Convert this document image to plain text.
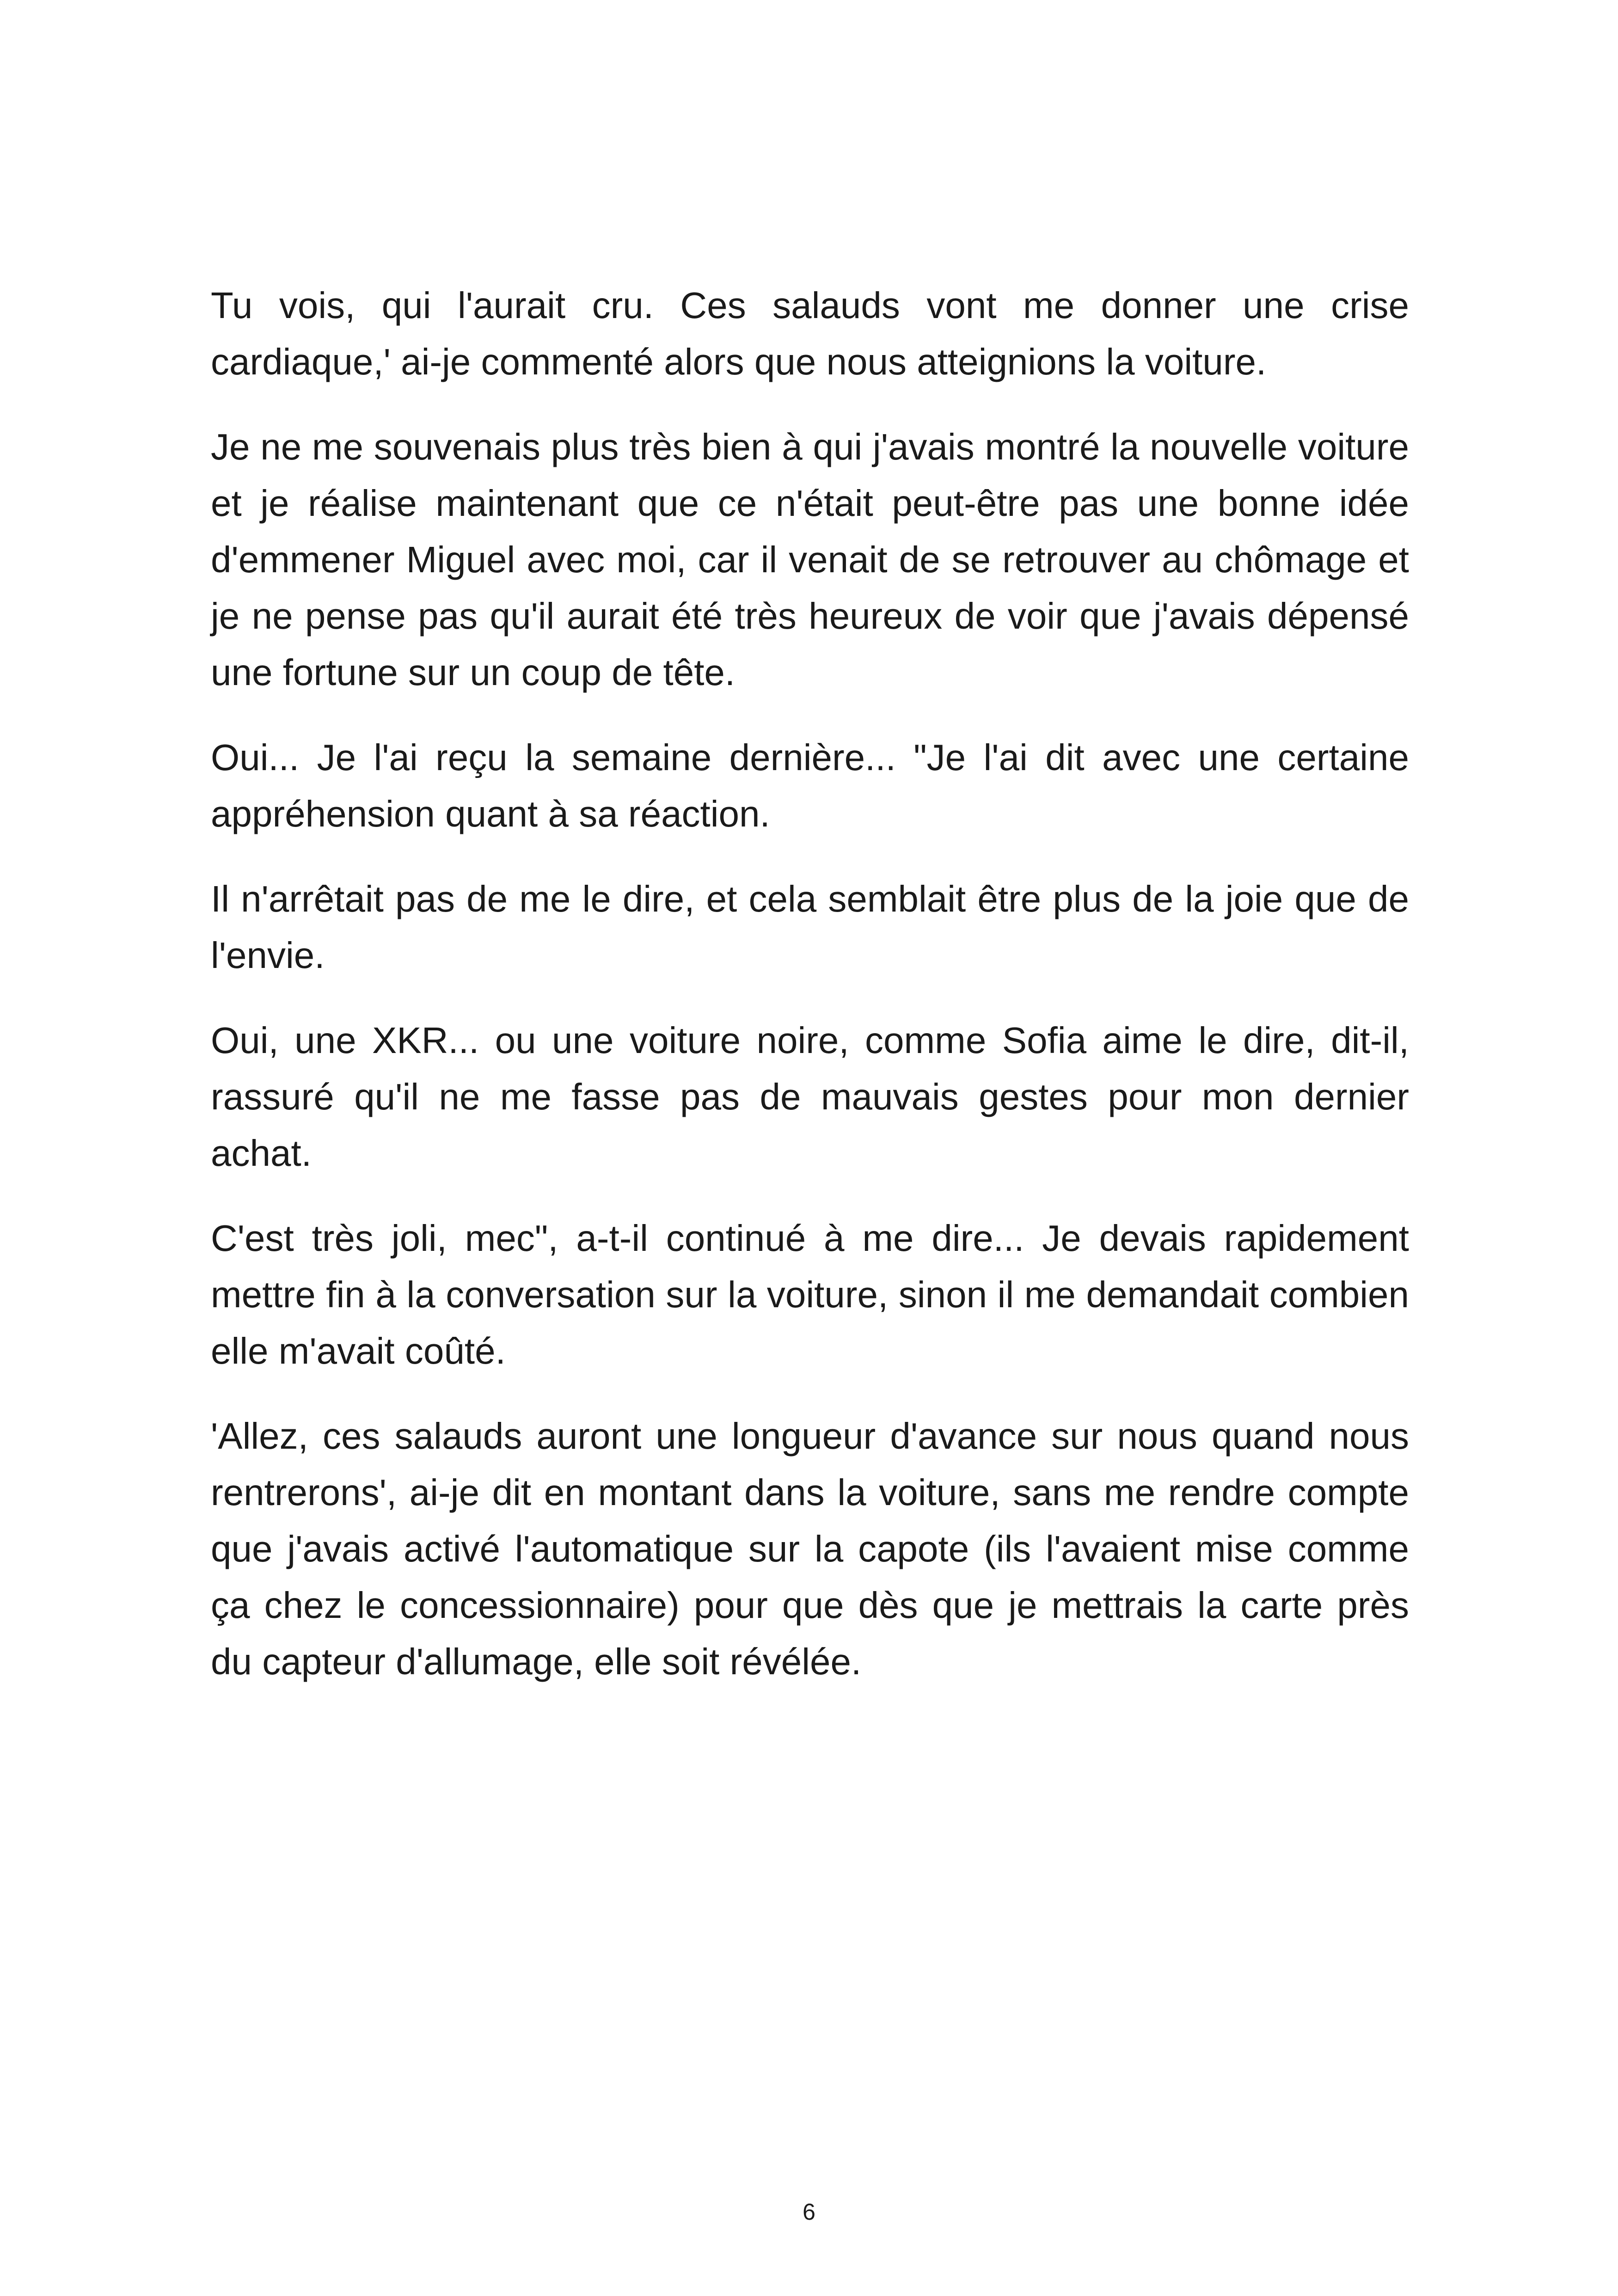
Tu vois, qui l'aurait cru. Ces salauds vont me donner une crise cardiaque,' ai-je commenté alors que nous atteignions la voiture.

Je ne me souvenais plus très bien à qui j'avais montré la nouvelle voiture et je réalise maintenant que ce n'était peut-être pas une bonne idée d'emmener Miguel avec moi, car il venait de se retrouver au chômage et je ne pense pas qu'il aurait été très heureux de voir que j'avais dépensé une fortune sur un coup de tête.

Oui... Je l'ai reçu la semaine dernière... "Je l'ai dit avec une certaine appréhension quant à sa réaction.

Il n'arrêtait pas de me le dire, et cela semblait être plus de la joie que de l'envie.

Oui, une XKR... ou une voiture noire, comme Sofia aime le dire, dit-il, rassuré qu'il ne me fasse pas de mauvais gestes pour mon dernier achat.

C'est très joli, mec", a-t-il continué à me dire... Je devais rapidement mettre fin à la conversation sur la voiture, sinon il me demandait combien elle m'avait coûté.

'Allez, ces salauds auront une longueur d'avance sur nous quand nous rentrerons', ai-je dit en montant dans la voiture, sans me rendre compte que j'avais activé l'automatique sur la capote (ils l'avaient mise comme ça chez le concessionnaire) pour que dès que je mettrais la carte près du capteur d'allumage, elle soit révélée.

6
